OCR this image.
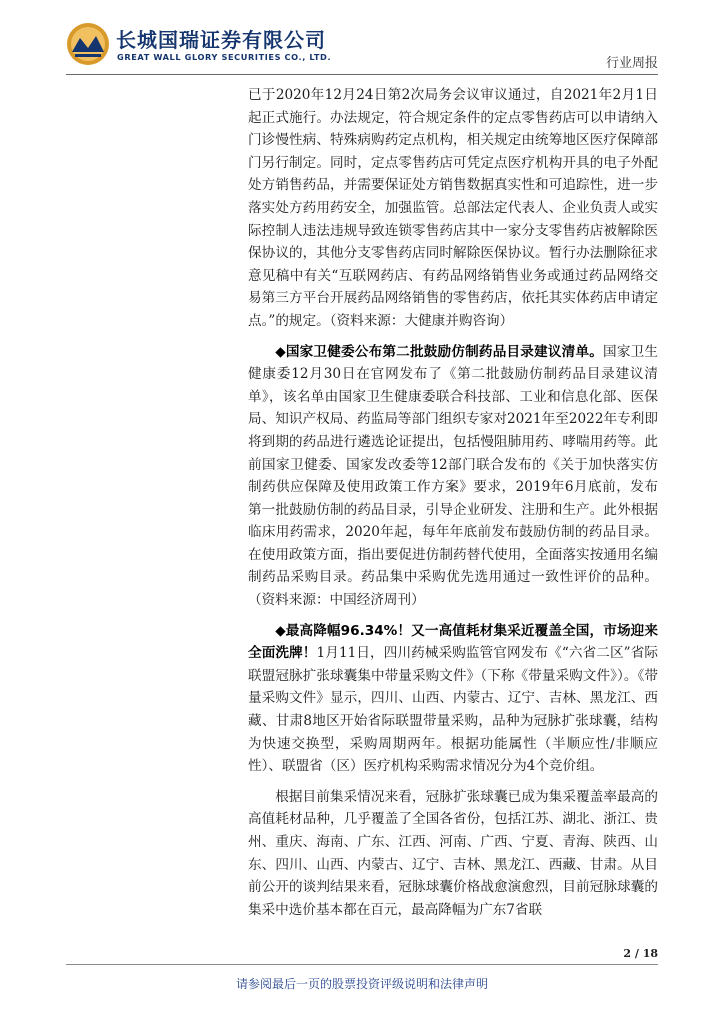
长城国瑞证券有限公司
GREAT WALL GLORY SECURITIES CO., LTD.	行业周报

已于2020年12月24日第2次局务会议审议通过，自2021年2月1日起正式施行。办法规定，符合规定条件的定点零售药店可以申请纳入门诊慢性病、特殊病购药定点机构，相关规定由统筹地区医疗保障部门另行制定。同时，定点零售药店可凭定点医疗机构开具的电子外配处方销售药品，并需要保证处方销售数据真实性和可追踪性，进一步落实处方药用药安全，加强监管。总部法定代表人、企业负责人或实际控制人违法违规导致连锁零售药店其中一家分支零售药店被解除医保协议的，其他分支零售药店同时解除医保协议。暂行办法删除征求意见稿中有关“互联网药店、有药品网络销售业务或通过药品网络交易第三方平台开展药品网络销售的零售药店，依托其实体药店申请定点。”的规定。（资料来源：大健康并购咨询）

◆国家卫健委公布第二批鼓励仿制药品目录建议清单。国家卫生健康委12月30日在官网发布了《第二批鼓励仿制药品目录建议清单》，该名单由国家卫生健康委联合科技部、工业和信息化部、医保局、知识产权局、药监局等部门组织专家对2021年至2022年专利即将到期的药品进行遴选论证提出，包括慢阻肺用药、哮喘用药等。此前国家卫健委、国家发改委等12部门联合发布的《关于加快落实仿制药供应保障及使用政策工作方案》要求，2019年6月底前，发布第一批鼓励仿制的药品目录，引导企业研发、注册和生产。此外根据临床用药需求，2020年起，每年年底前发布鼓励仿制的药品目录。在使用政策方面，指出要促进仿制药替代使用，全面落实按通用名编制药品采购目录。药品集中采购优先选用通过一致性评价的品种。（资料来源：中国经济周刊）

◆最高降幅96.34%！又一高值耗材集采近覆盖全国，市场迎来全面洗牌！1月11日，四川药械采购监管官网发布《“六省二区”省际联盟冠脉扩张球囊集中带量采购文件》（下称《带量采购文件》）。《带量采购文件》显示，四川、山西、内蒙古、辽宁、吉林、黑龙江、西藏、甘肃8地区开始省际联盟带量采购，品种为冠脉扩张球囊，结构为快速交换型，采购周期两年。根据功能属性（半顺应性/非顺应性）、联盟省（区）医疗机构采购需求情况分为4个竞价组。

根据目前集采情况来看，冠脉扩张球囊已成为集采覆盖率最高的高值耗材品种，几乎覆盖了全国各省份，包括江苏、湖北、浙江、贵州、重庆、海南、广东、江西、河南、广西、宁夏、青海、陕西、山东、四川、山西、内蒙古、辽宁、吉林、黑龙江、西藏、甘肃。从目前公开的谈判结果来看，冠脉球囊价格战愈演愈烈，目前冠脉球囊的集采中选价基本都在百元，最高降幅为广东7省联

2 / 18
请参阅最后一页的股票投资评级说明和法律声明
